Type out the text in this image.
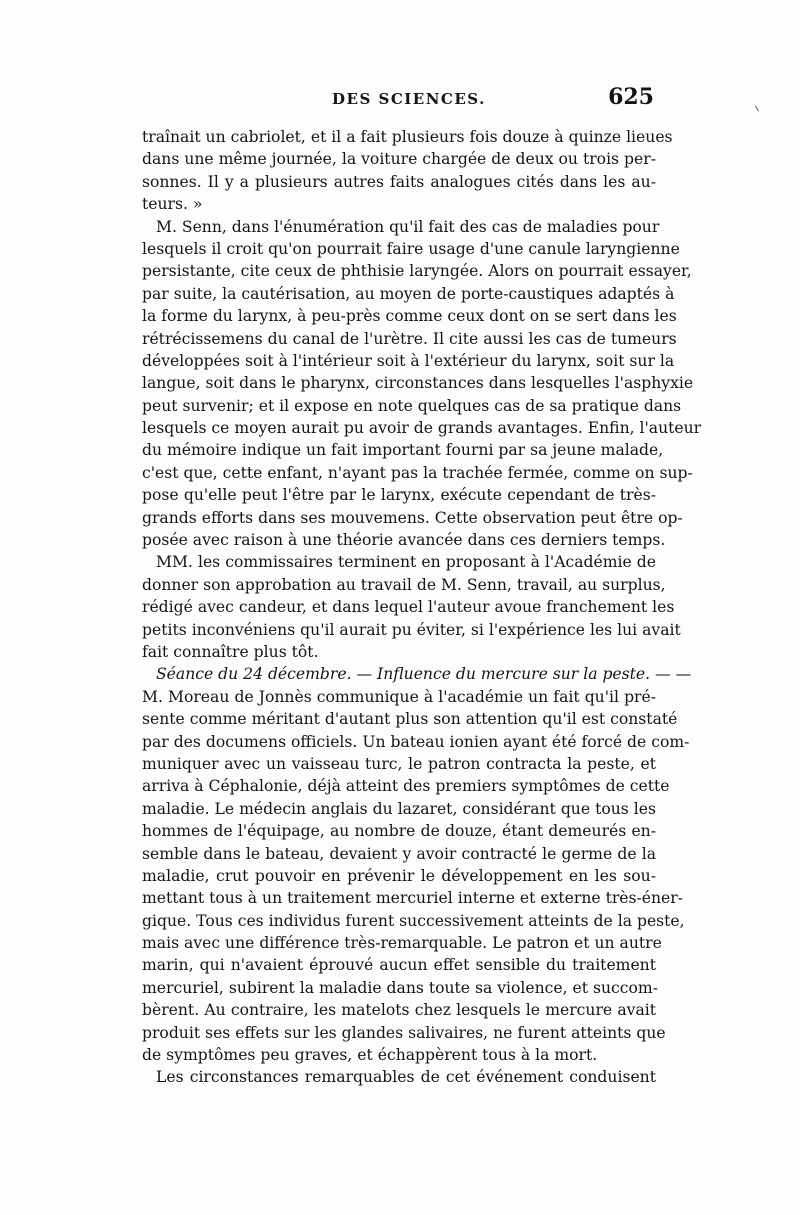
DES SCIENCES.	625
traînait un cabriolet, et il a fait plusieurs fois douze à quinze lieues
dans une même journée, la voiture chargée de deux ou trois per-
sonnes. Il y a plusieurs autres faits analogues cités dans les au-
teurs. »
M. Senn, dans l'énumération qu'il fait des cas de maladies pour
lesquels il croit qu'on pourrait faire usage d'une canule laryngienne
persistante, cite ceux de phthisie laryngée. Alors on pourrait essayer,
par suite, la cautérisation, au moyen de porte-caustiques adaptés à
la forme du larynx, à peu-près comme ceux dont on se sert dans les
rétrécissemens du canal de l'urètre. Il cite aussi les cas de tumeurs
développées soit à l'intérieur soit à l'extérieur du larynx, soit sur la
langue, soit dans le pharynx, circonstances dans lesquelles l'asphyxie
peut survenir; et il expose en note quelques cas de sa pratique dans
lesquels ce moyen aurait pu avoir de grands avantages. Enfin, l'auteur
du mémoire indique un fait important fourni par sa jeune malade,
c'est que, cette enfant, n'ayant pas la trachée fermée, comme on sup-
pose qu'elle peut l'être par le larynx, exécute cependant de très-
grands efforts dans ses mouvemens. Cette observation peut être op-
posée avec raison à une théorie avancée dans ces derniers temps.
MM. les commissaires terminent en proposant à l'Académie de
donner son approbation au travail de M. Senn, travail, au surplus,
rédigé avec candeur, et dans lequel l'auteur avoue franchement les
petits inconvéniens qu'il aurait pu éviter, si l'expérience les lui avait
fait connaître plus tôt.
Séance du 24 décembre. — Influence du mercure sur la peste. — —
M. Moreau de Jonnès communique à l'académie un fait qu'il pré-
sente comme méritant d'autant plus son attention qu'il est constaté
par des documens officiels. Un bateau ionien ayant été forcé de com-
muniquer avec un vaisseau turc, le patron contracta la peste, et
arriva à Céphalonie, déjà atteint des premiers symptômes de cette
maladie. Le médecin anglais du lazaret, considérant que tous les
hommes de l'équipage, au nombre de douze, étant demeurés en-
semble dans le bateau, devaient y avoir contracté le germe de la
maladie, crut pouvoir en prévenir le développement en les sou-
mettant tous à un traitement mercuriel interne et externe très-éner-
gique. Tous ces individus furent successivement atteints de la peste,
mais avec une différence très-remarquable. Le patron et un autre
marin, qui n'avaient éprouvé aucun effet sensible du traitement
mercuriel, subirent la maladie dans toute sa violence, et succom-
bèrent. Au contraire, les matelots chez lesquels le mercure avait
produit ses effets sur les glandes salivaires, ne furent atteints que
de symptômes peu graves, et échappèrent tous à la mort.
Les circonstances remarquables de cet événement conduisent
